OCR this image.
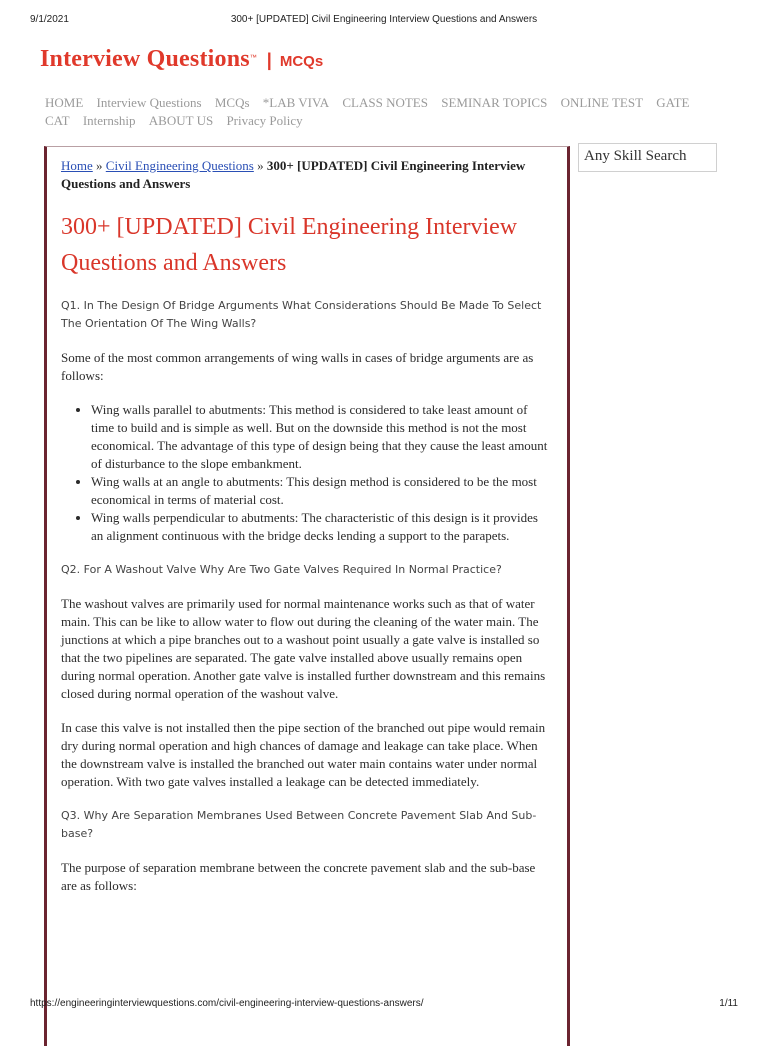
9/1/2021	300+ [UPDATED] Civil Engineering Interview Questions and Answers
Interview Questions™ | MCQs
HOME Interview Questions MCQs *LAB VIVA CLASS NOTES SEMINAR TOPICS ONLINE TEST GATE CAT Internship ABOUT US Privacy Policy
Home » Civil Engineering Questions » 300+ [UPDATED] Civil Engineering Interview Questions and Answers
300+ [UPDATED] Civil Engineering Interview Questions and Answers

Q1. In The Design Of Bridge Arguments What Considerations Should Be Made To Select The Orientation Of The Wing Walls?

Some of the most common arrangements of wing walls in cases of bridge arguments are as follows:

• Wing walls parallel to abutments: This method is considered to take least amount of time to build and is simple as well. But on the downside this method is not the most economical. The advantage of this type of design being that they cause the least amount of disturbance to the slope embankment.
• Wing walls at an angle to abutments: This design method is considered to be the most economical in terms of material cost.
• Wing walls perpendicular to abutments: The characteristic of this design is it provides an alignment continuous with the bridge decks lending a support to the parapets.

Q2. For A Washout Valve Why Are Two Gate Valves Required In Normal Practice?

The washout valves are primarily used for normal maintenance works such as that of water main. This can be like to allow water to flow out during the cleaning of the water main. The junctions at which a pipe branches out to a washout point usually a gate valve is installed so that the two pipelines are separated. The gate valve installed above usually remains open during normal operation. Another gate valve is installed further downstream and this remains closed during normal operation of the washout valve.

In case this valve is not installed then the pipe section of the branched out pipe would remain dry during normal operation and high chances of damage and leakage can take place. When the downstream valve is installed the branched out water main contains water under normal operation. With two gate valves installed a leakage can be detected immediately.

Q3. Why Are Separation Membranes Used Between Concrete Pavement Slab And Sub-base?

The purpose of separation membrane between the concrete pavement slab and the sub-base are as follows:

Any Skill Search
https://engineeringinterviewquestions.com/civil-engineering-interview-questions-answers/	1/11
